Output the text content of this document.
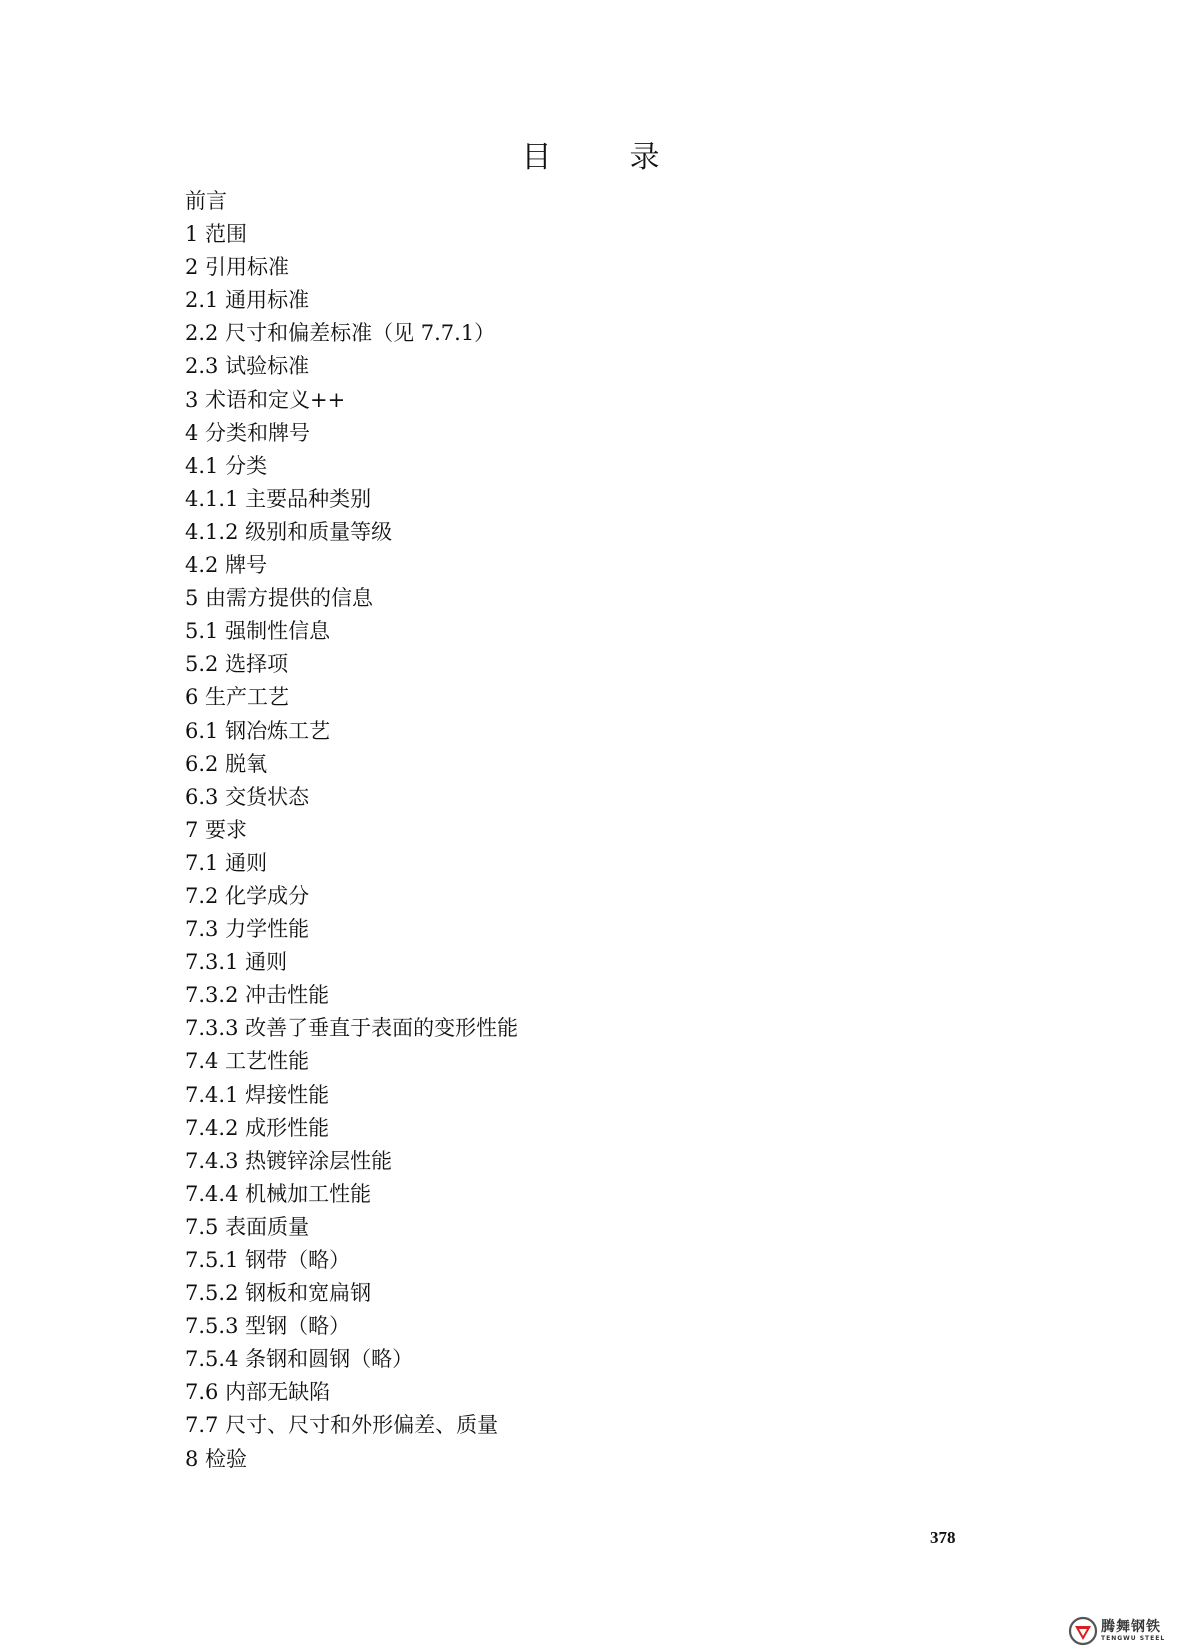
目　录
前言
1 范围
2 引用标准
2.1 通用标准
2.2 尺寸和偏差标准（见 7.7.1）
2.3 试验标准
3 术语和定义++
4 分类和牌号
4.1 分类
4.1.1 主要品种类别
4.1.2 级别和质量等级
4.2 牌号
5 由需方提供的信息
5.1 强制性信息
5.2 选择项
6 生产工艺
6.1 钢冶炼工艺
6.2 脱氧
6.3 交货状态
7 要求
7.1 通则
7.2 化学成分
7.3 力学性能
7.3.1 通则
7.3.2 冲击性能
7.3.3 改善了垂直于表面的变形性能
7.4 工艺性能
7.4.1 焊接性能
7.4.2 成形性能
7.4.3 热镀锌涂层性能
7.4.4 机械加工性能
7.5 表面质量
7.5.1 钢带（略）
7.5.2 钢板和宽扁钢
7.5.3 型钢（略）
7.5.4 条钢和圆钢（略）
7.6 内部无缺陷
7.7 尺寸、尺寸和外形偏差、质量
8 检验
378
腾舞钢铁
TENGWU STEEL
